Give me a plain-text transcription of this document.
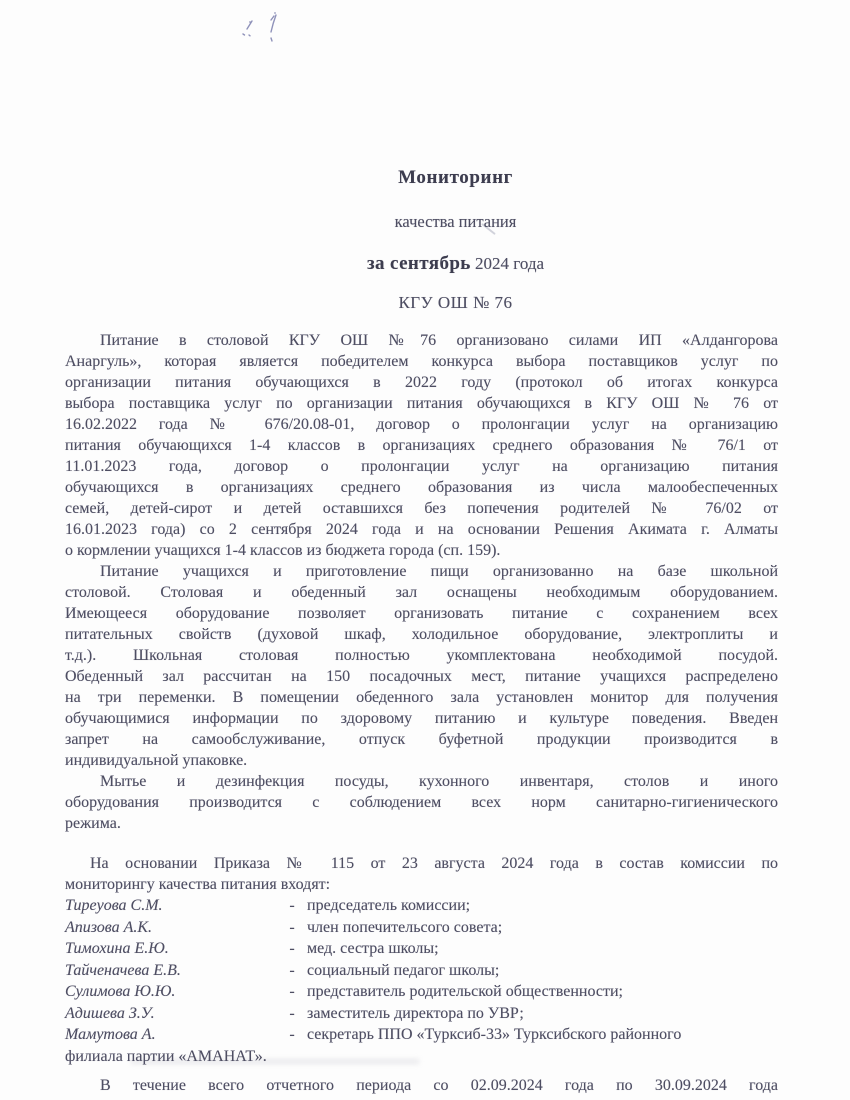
Мониторинг
качества питания
за сентябрь 2024 года
КГУ ОШ № 76
Питание в столовой КГУ ОШ №76 организовано силами ИП «Алдангорова
Анаргуль», которая является победителем конкурса выбора поставщиков услуг по
организации питания обучающихся в 2022 году (протокол об итогах конкурса
выбора поставщика услуг по организации питания обучающихся в КГУ ОШ № 76 от
16.02.2022 года № 676/20.08-01, договор о пролонгации услуг на организацию
питания обучающихся 1-4 классов в организациях среднего образования № 76/1 от
11.01.2023 года, договор о пролонгации услуг на организацию питания
обучающихся в организациях среднего образования из числа малообеспеченных
семей, детей-сирот и детей оставшихся без попечения родителей № 76/02 от
16.01.2023 года) со 2 сентября 2024 года и на основании Решения Акимата г. Алматы
о кормлении учащихся 1-4 классов из бюджета города (сп. 159).
Питание учащихся и приготовление пищи организованно на базе школьной
столовой. Столовая и обеденный зал оснащены необходимым оборудованием.
Имеющееся оборудование позволяет организовать питание с сохранением всех
питательных свойств (духовой шкаф, холодильное оборудование, электроплиты и
т.д.). Школьная столовая полностью укомплектована необходимой посудой.
Обеденный зал рассчитан на 150 посадочных мест, питание учащихся распределено
на три переменки. В помещении обеденного зала установлен монитор для получения
обучающимися информации по здоровому питанию и культуре поведения. Введен
запрет на самообслуживание, отпуск буфетной продукции производится в
индивидуальной упаковке.
Мытье и дезинфекция посуды, кухонного инвентаря, столов и иного
оборудования производится с соблюдением всех норм санитарно-гигиенического
режима.
На основании Приказа № 115 от 23 августа 2024 года в состав комиссии по
мониторингу качества питания входят:
Тиреуова С.М.	- председатель комиссии;
Апизова А.К.	- член попечительсого совета;
Тимохина Е.Ю.	- мед. сестра школы;
Тайченачева Е.В.	- социальный педагог школы;
Сулимова Ю.Ю.	- представитель родительской общественности;
Адишева З.У.	- заместитель директора по УВР;
Мамутова А.	- секретарь ППО «Турксиб-33» Турксибского районного
филиала партии «АМАНАТ».
В течение всего отчетного периода со 02.09.2024 года по 30.09.2024 года
